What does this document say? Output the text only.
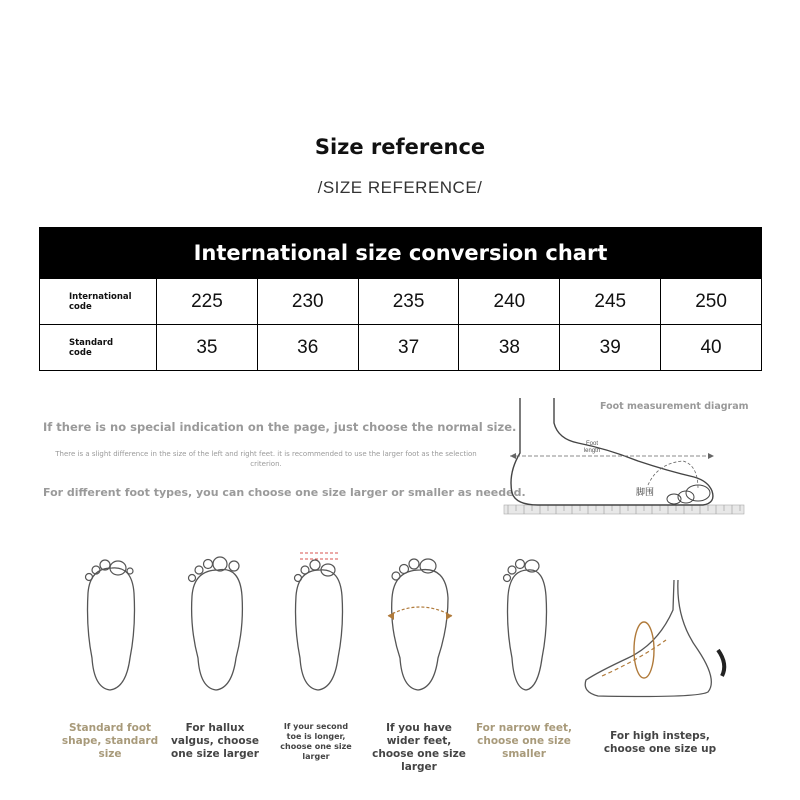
Size reference
/SIZE REFERENCE/
International size conversion chart
International code	225	230	235	240	245	250
Standard code	35	36	37	38	39	40
If there is no special indication on the page, just choose the normal size.
There is a slight difference in the size of the left and right feet. it is recommended to use the larger foot as the selection criterion.
For different foot types, you can choose one size larger or smaller as needed.
Foot measurement diagram
Foot length
脚围
Standard foot shape, standard size
For hallux valgus, choose one size larger
If your second toe is longer, choose one size larger
If you have wider feet, choose one size larger
For narrow feet, choose one size smaller
For high insteps, choose one size up
